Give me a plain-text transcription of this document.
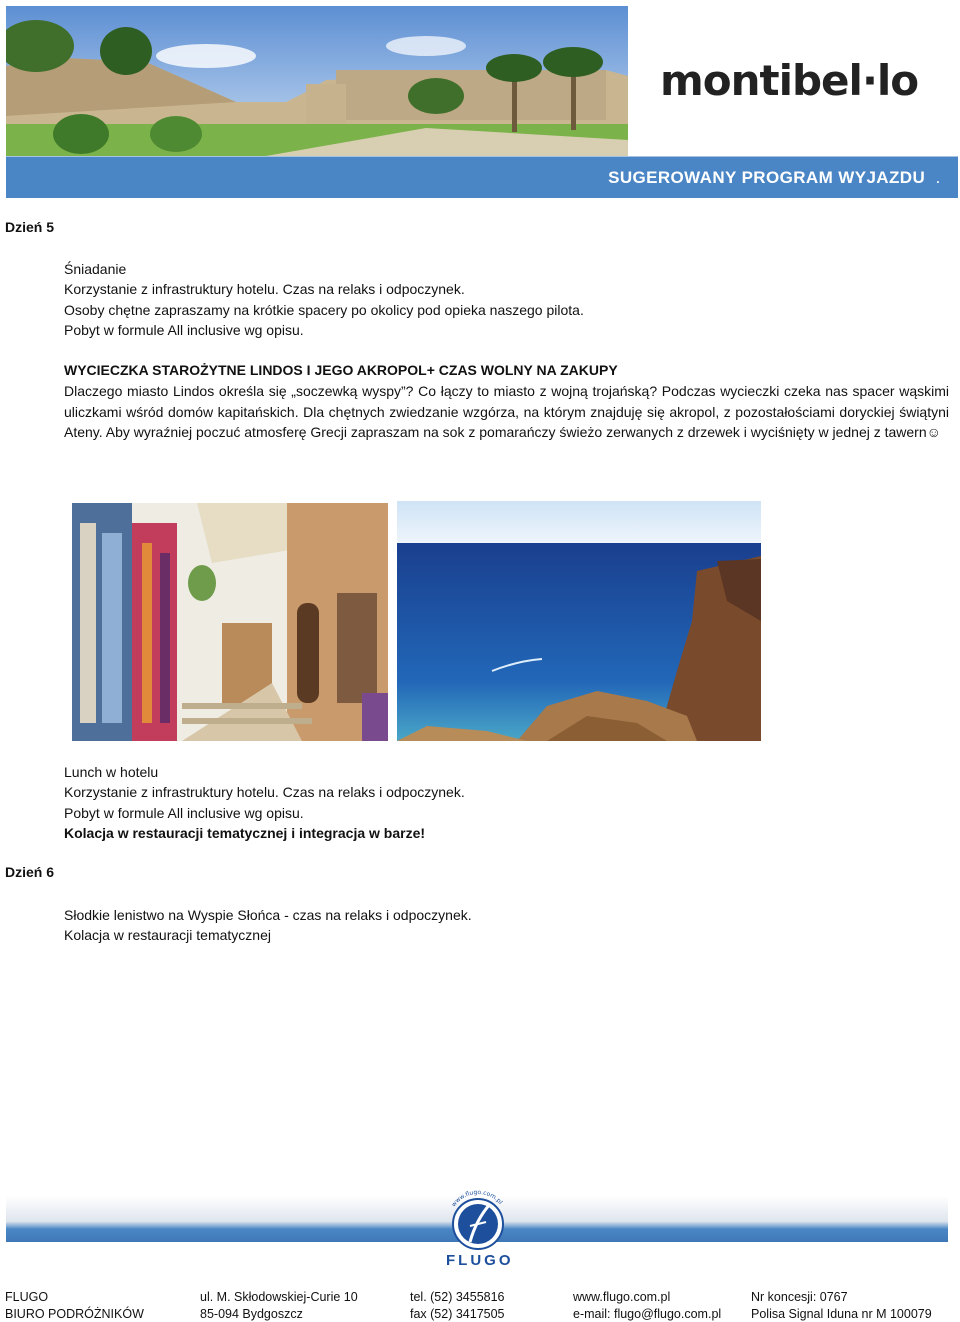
montibel·lo
SUGEROWANY PROGRAM WYJAZDU .
Dzień 5
Śniadanie
Korzystanie z infrastruktury hotelu. Czas na relaks i odpoczynek.
Osoby chętne zapraszamy na krótkie spacery po okolicy pod opieka naszego pilota.
Pobyt w formule All inclusive wg opisu.
WYCIECZKA STAROŻYTNE LINDOS I JEGO AKROPOL+ CZAS WOLNY NA ZAKUPY
Dlaczego miasto Lindos określa się „soczewką wyspy”? Co łączy to miasto z wojną trojańską? Podczas wycieczki czeka nas spacer wąskimi uliczkami wśród domów kapitańskich. Dla chętnych zwiedzanie wzgórza, na którym znajduję się akropol, z pozostałościami doryckiej świątyni Ateny. Aby wyraźniej poczuć atmosferę Grecji zapraszam na sok z pomarańczy świeżo zerwanych z drzewek i wyciśnięty w jednej z tawern☺
Lunch w hotelu
Korzystanie z infrastruktury hotelu. Czas na relaks i odpoczynek.
Pobyt w formule All inclusive wg opisu.
Kolacja w restauracji tematycznej i integracja w barze!
Dzień 6
Słodkie lenistwo na Wyspie Słońca - czas na relaks i odpoczynek.
Kolacja w restauracji tematycznej
www.flugo.com.pl
FLUGO
FLUGO
BIURO PODRÓŻNIKÓW
ul. M. Skłodowskiej-Curie 10
85-094 Bydgoszcz
tel. (52) 3455816
fax (52) 3417505
www.flugo.com.pl
e-mail: flugo@flugo.com.pl
Nr koncesji: 0767
Polisa Signal Iduna nr M 100079
